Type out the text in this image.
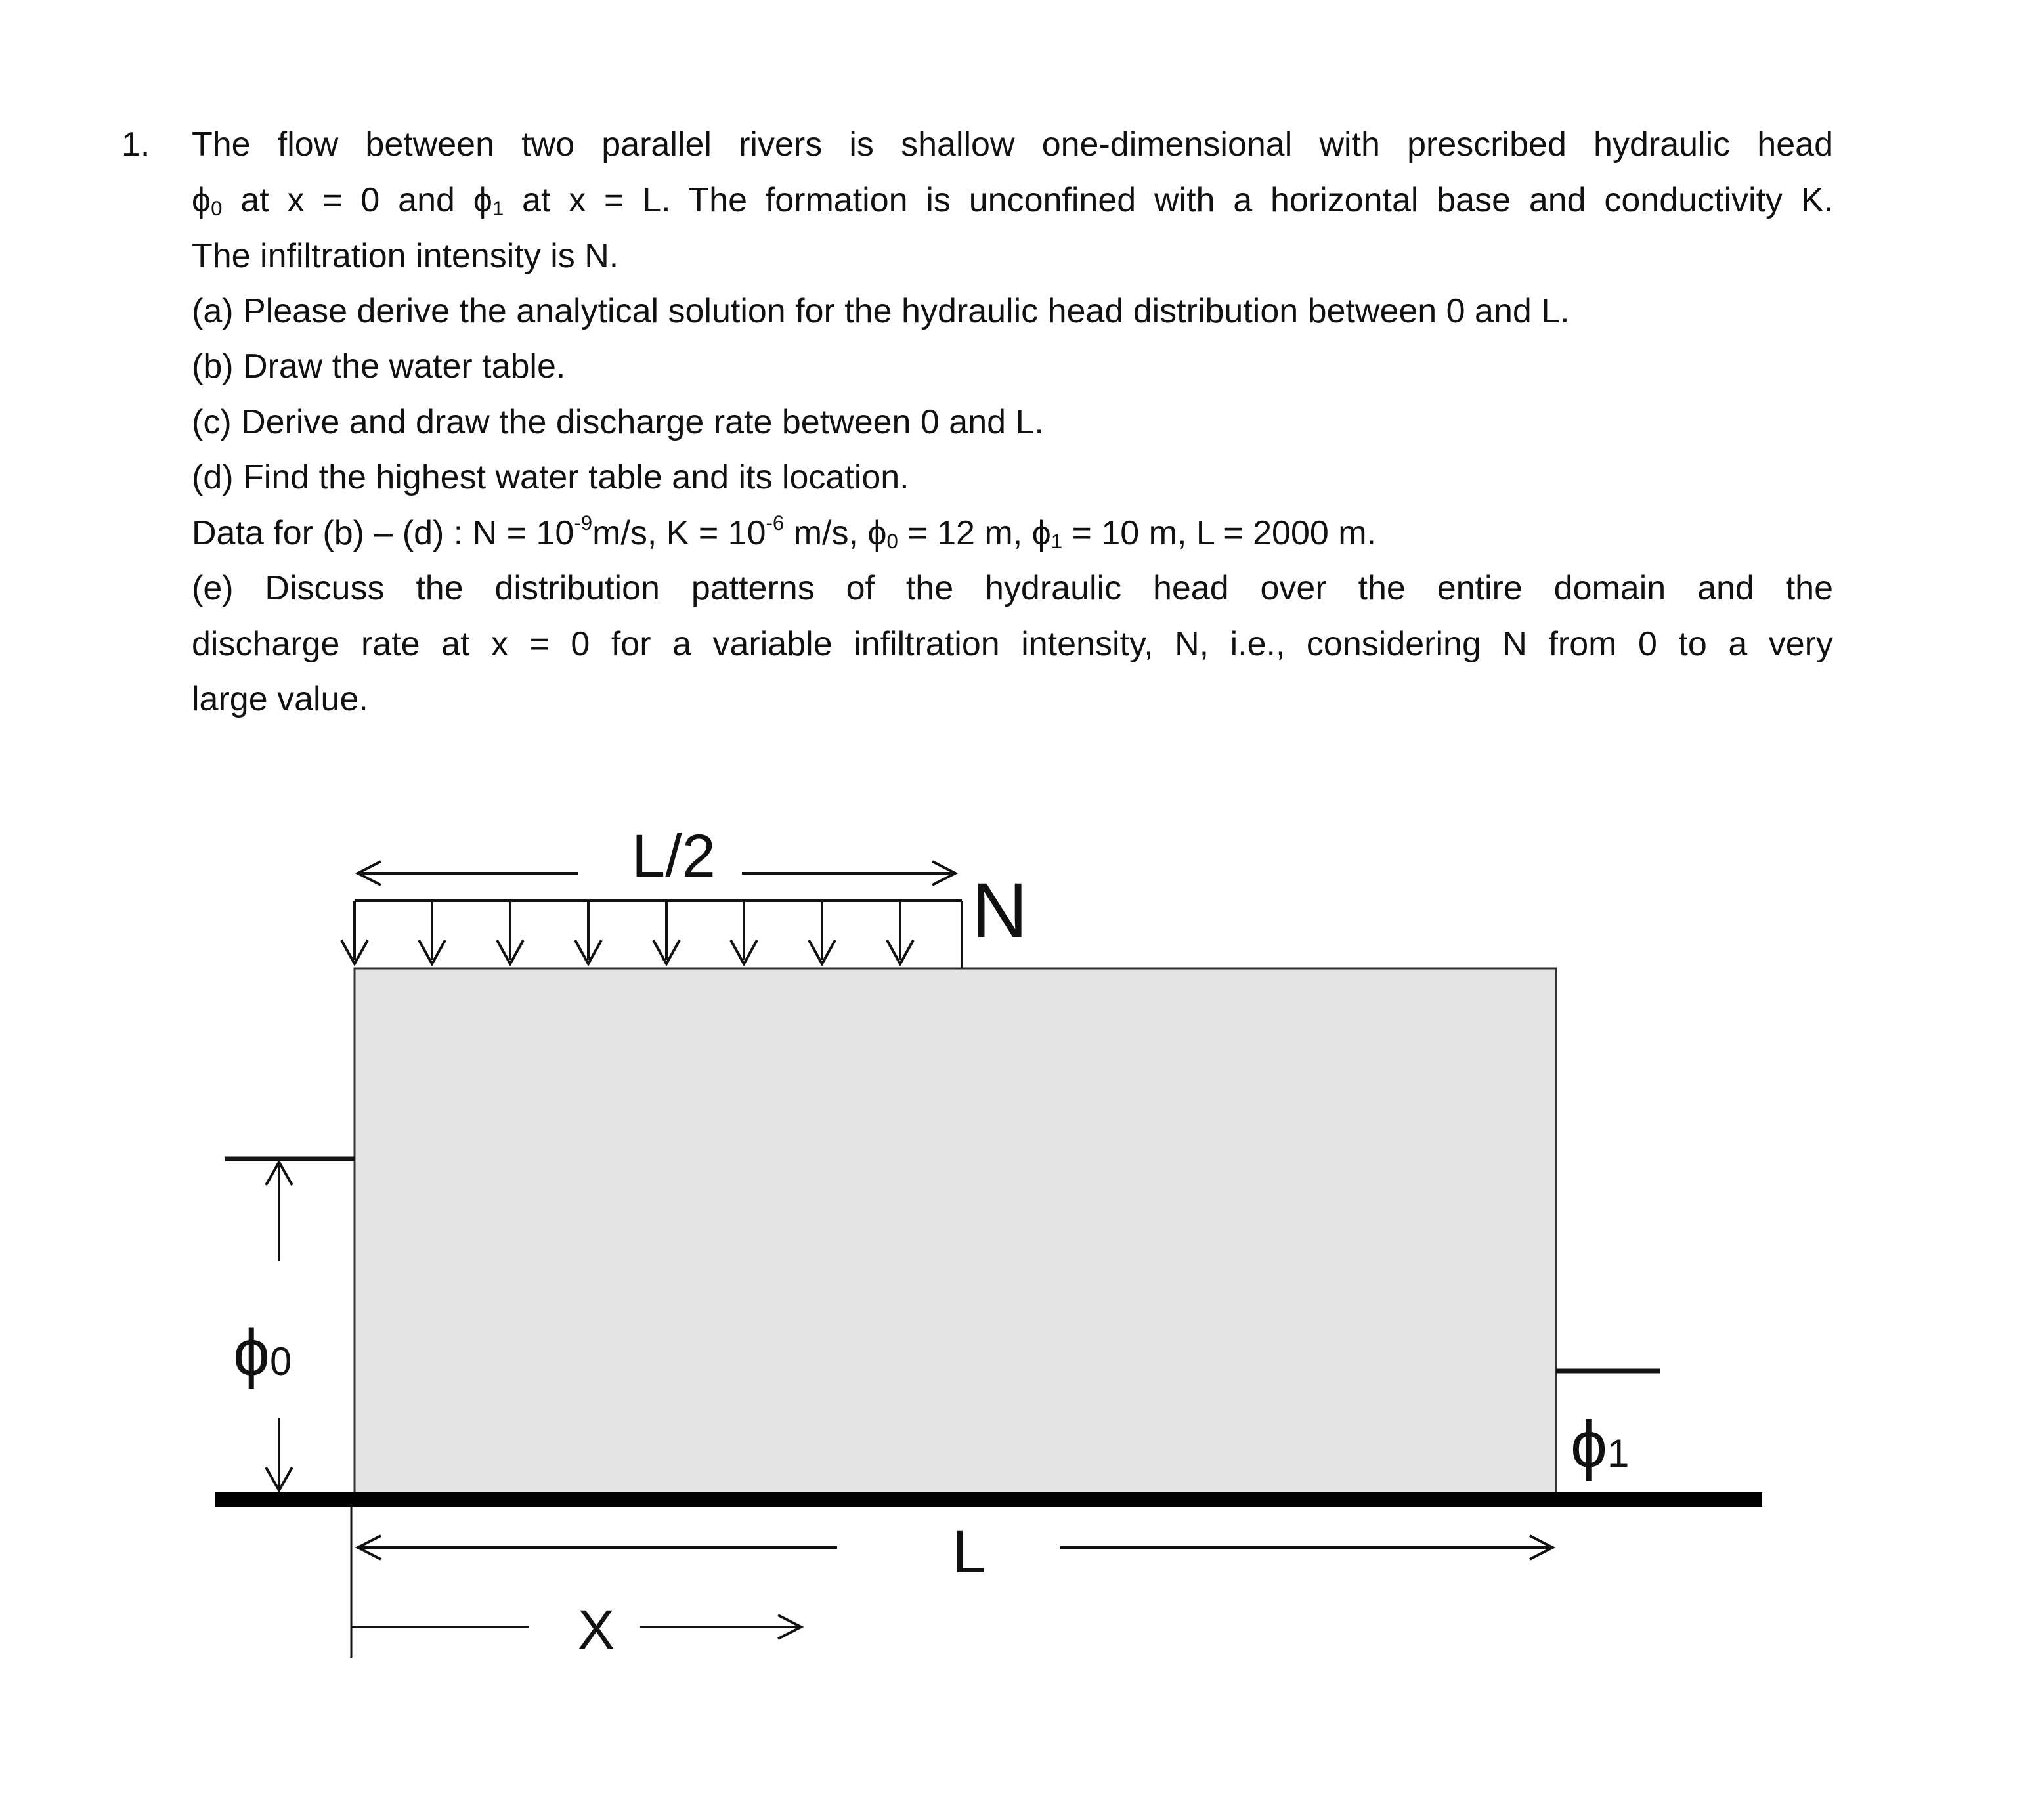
1. The flow between two parallel rivers is shallow one-dimensional with prescribed hydraulic head
$\phi_0$ at x = 0 and $\phi_1$ at x = L. The formation is unconfined with a horizontal base and conductivity K.
The infiltration intensity is N.
(a) Please derive the analytical solution for the hydraulic head distribution between 0 and L.
(b) Draw the water table.
(c) Derive and draw the discharge rate between 0 and L.
(d) Find the highest water table and its location.
Data for (b) – (d) : $N = 10^{-9}m/s$, $K = 10^{-6}$ m/s, $\phi_0 = 12$ m, $\phi_1 = 10$ m, L = 2000 m.
(e) Discuss the distribution patterns of the hydraulic head over the entire domain and the
discharge rate at x = 0 for a variable infiltration intensity, N, i.e., considering N from 0 to a very
large value.
L/2
N
ϕ0
ϕ1
L
X
